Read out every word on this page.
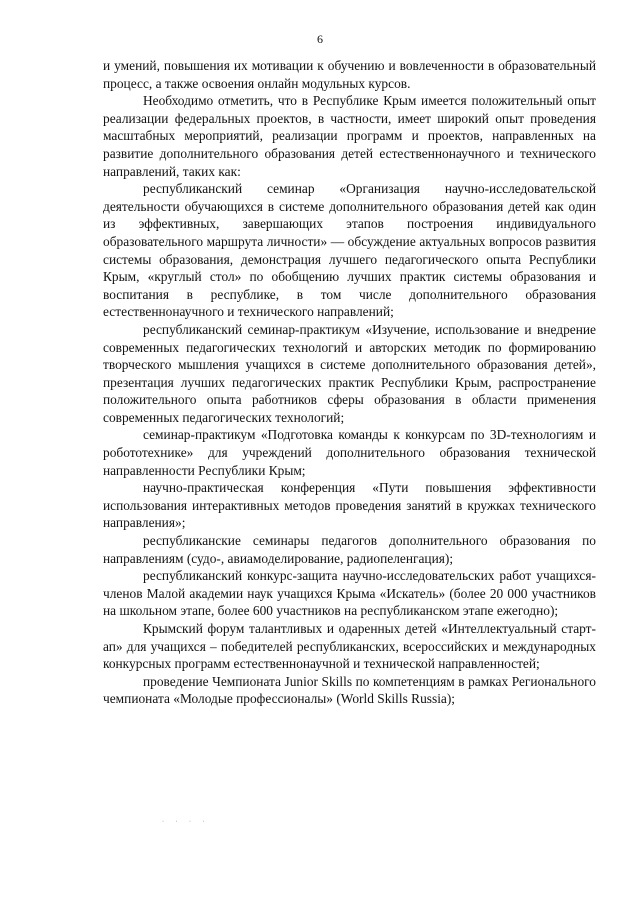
6

и умений, повышения их мотивации к обучению и вовлеченности в образовательный процесс, а также освоения онлайн модульных курсов.

Необходимо отметить, что в Республике Крым имеется положительный опыт реализации федеральных проектов, в частности, имеет широкий опыт проведения масштабных мероприятий, реализации программ и проектов, направленных на развитие дополнительного образования детей естественнонаучного и технического направлений, таких как:

республиканский семинар «Организация научно-исследовательской деятельности обучающихся в системе дополнительного образования детей как один из эффективных, завершающих этапов построения индивидуального образовательного маршрута личности» — обсуждение актуальных вопросов развития системы образования, демонстрация лучшего педагогического опыта Республики Крым, «круглый стол» по обобщению лучших практик системы образования и воспитания в республике, в том числе дополнительного образования естественнонаучного и технического направлений;

республиканский семинар-практикум «Изучение, использование и внедрение современных педагогических технологий и авторских методик по формированию творческого мышления учащихся в системе дополнительного образования детей», презентация лучших педагогических практик Республики Крым, распространение положительного опыта работников сферы образования в области применения современных педагогических технологий;

семинар-практикум «Подготовка команды к конкурсам по 3D-технологиям и робототехнике» для учреждений дополнительного образования технической направленности Республики Крым;

научно-практическая конференция «Пути повышения эффективности использования интерактивных методов проведения занятий в кружках технического направления»;

республиканские семинары педагогов дополнительного образования по направлениям (судо-, авиамоделирование, радиопеленгация);

республиканский конкурс-защита научно-исследовательских работ учащихся-членов Малой академии наук учащихся Крыма «Искатель» (более 20 000 участников на школьном этапе, более 600 участников на республиканском этапе ежегодно);

Крымский форум талантливых и одаренных детей «Интеллектуальный старт-ап» для учащихся – победителей республиканских, всероссийских и международных конкурсных программ естественнонаучной и технической направленностей;

проведение Чемпионата Junior Skills по компетенциям в рамках Регионального чемпионата «Молодые профессионалы» (World Skills Russia);

· · · ·
